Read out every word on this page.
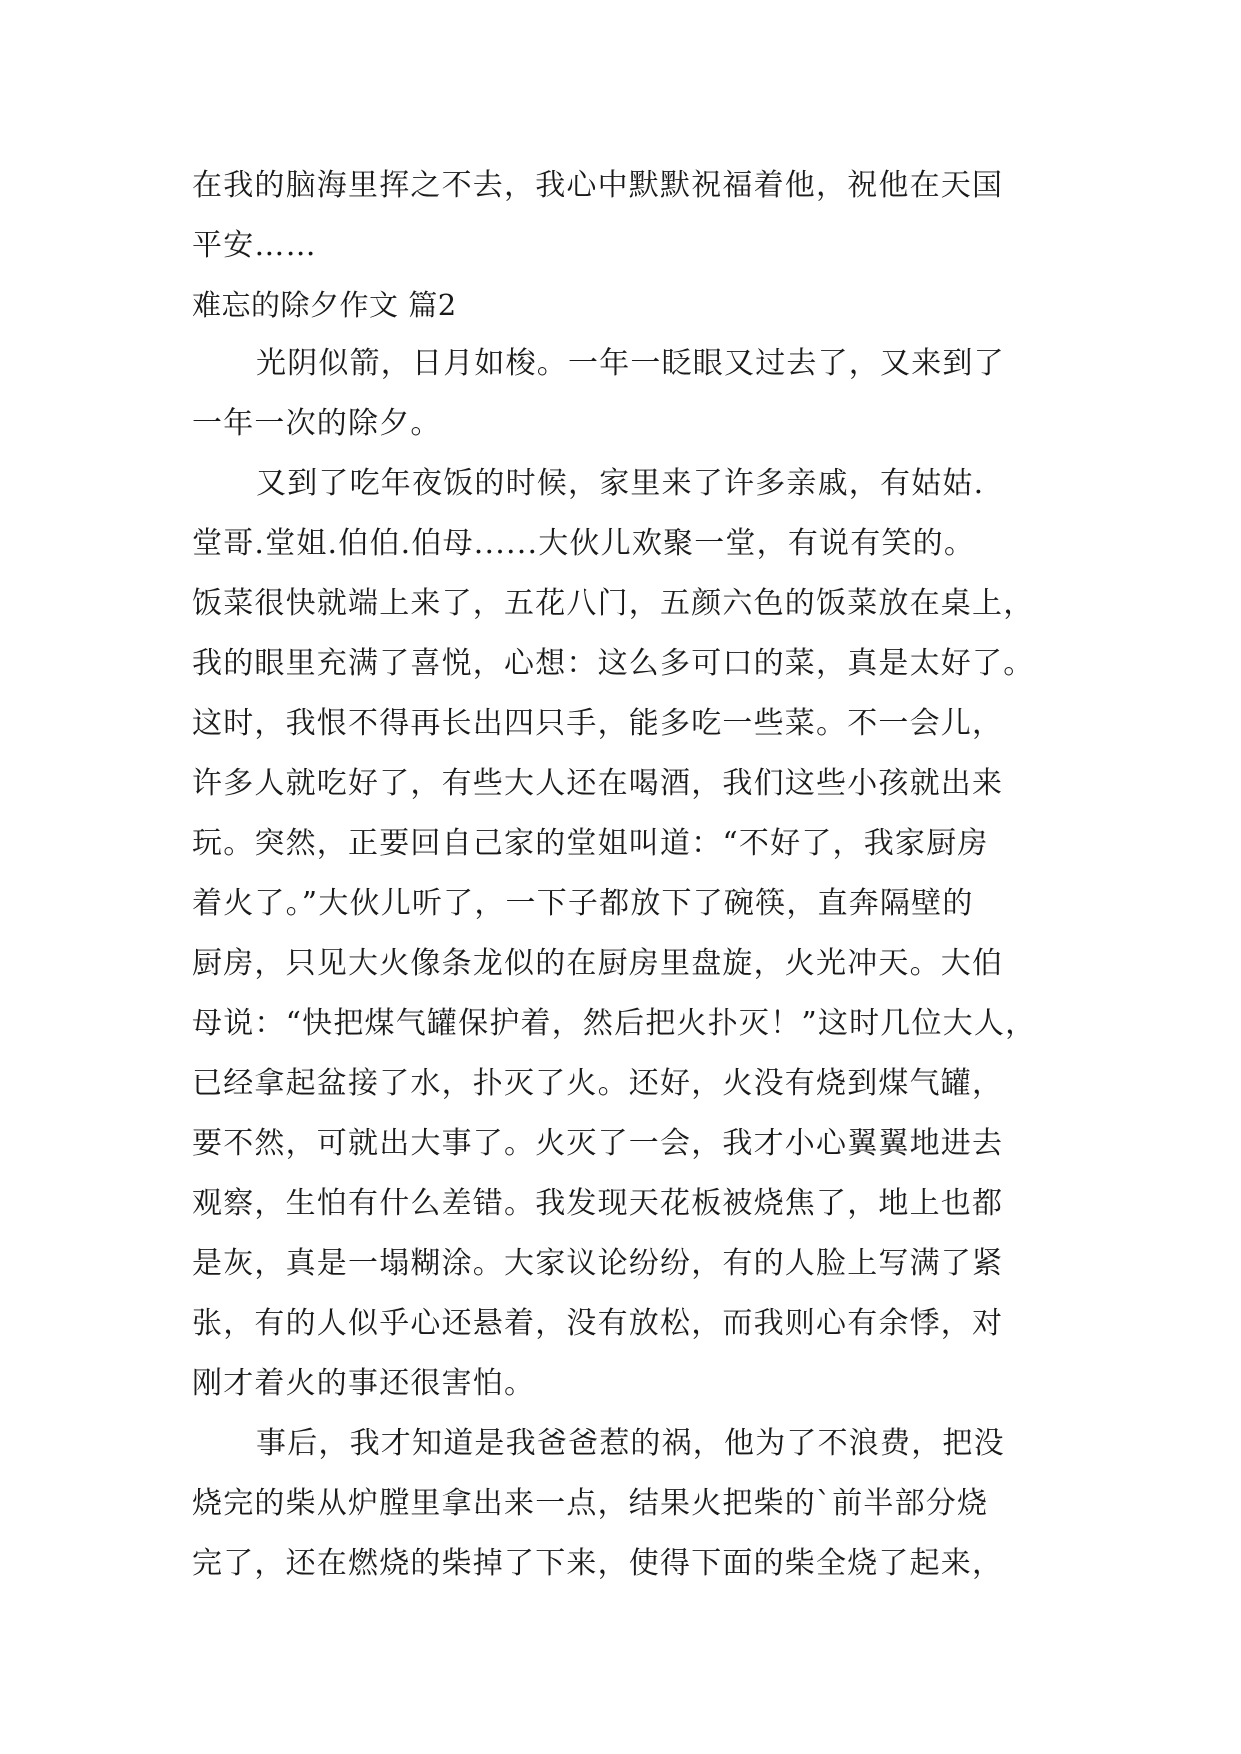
在我的脑海里挥之不去，我心中默默祝福着他，祝他在天国
平安……
难忘的除夕作文 篇2
光阴似箭，日月如梭。一年一眨眼又过去了，又来到了
一年一次的除夕。
又到了吃年夜饭的时候，家里来了许多亲戚，有姑姑.
堂哥.堂姐.伯伯.伯母......大伙儿欢聚一堂，有说有笑的。
饭菜很快就端上来了，五花八门，五颜六色的饭菜放在桌上，
我的眼里充满了喜悦，心想：这么多可口的菜，真是太好了。
这时，我恨不得再长出四只手，能多吃一些菜。不一会儿，
许多人就吃好了，有些大人还在喝酒，我们这些小孩就出来
玩。突然，正要回自己家的堂姐叫道：“不好了，我家厨房
着火了。”大伙儿听了，一下子都放下了碗筷，直奔隔壁的
厨房，只见大火像条龙似的在厨房里盘旋，火光冲天。大伯
母说：“快把煤气罐保护着，然后把火扑灭！”这时几位大人，
已经拿起盆接了水，扑灭了火。还好，火没有烧到煤气罐，
要不然，可就出大事了。火灭了一会，我才小心翼翼地进去
观察，生怕有什么差错。我发现天花板被烧焦了，地上也都
是灰，真是一塌糊涂。大家议论纷纷，有的人脸上写满了紧
张，有的人似乎心还悬着，没有放松，而我则心有余悸，对
刚才着火的事还很害怕。
事后，我才知道是我爸爸惹的祸，他为了不浪费，把没
烧完的柴从炉膛里拿出来一点，结果火把柴的`前半部分烧
完了，还在燃烧的柴掉了下来，使得下面的柴全烧了起来，
